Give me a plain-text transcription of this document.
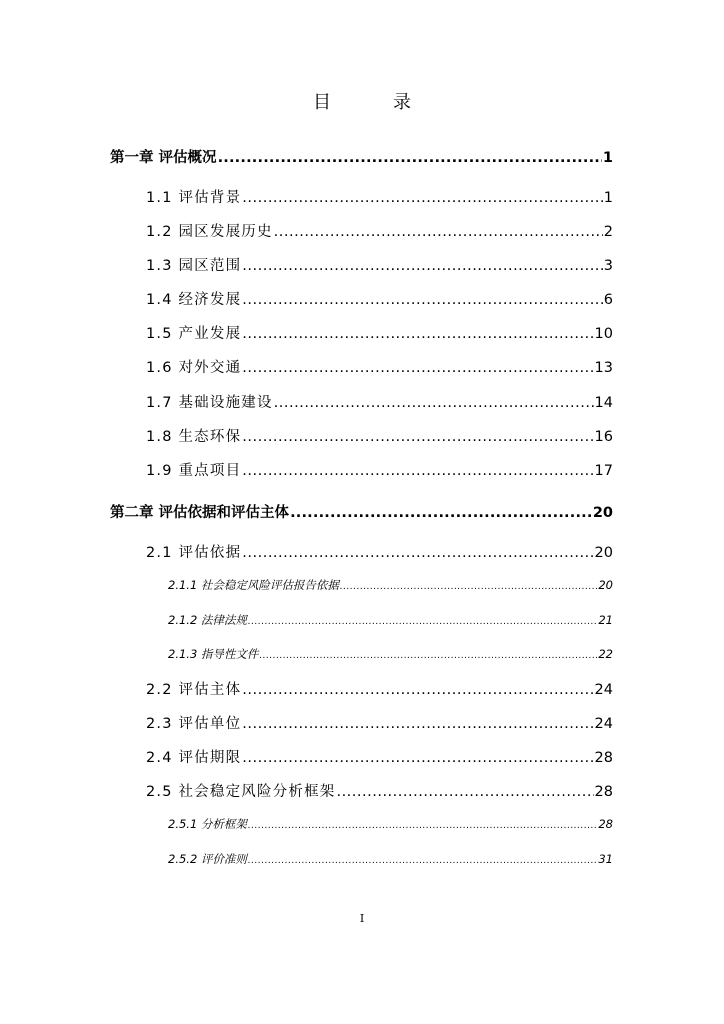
目　录
第一章 评估概况 .....	1
1.1 评估背景 .....	1
1.2 园区发展历史 .....	2
1.3 园区范围 .....	3
1.4 经济发展 .....	6
1.5 产业发展 .....	10
1.6 对外交通 .....	13
1.7 基础设施建设 .....	14
1.8 生态环保 .....	16
1.9 重点项目 .....	17
第二章 评估依据和评估主体 .....	20
2.1 评估依据 .....	20
2.1.1 社会稳定风险评估报告依据 .....	20
2.1.2 法律法规 .....	21
2.1.3 指导性文件 .....	22
2.2 评估主体 .....	24
2.3 评估单位 .....	24
2.4 评估期限 .....	28
2.5 社会稳定风险分析框架 .....	28
2.5.1 分析框架 .....	28
2.5.2 评价准则 .....	31
I
